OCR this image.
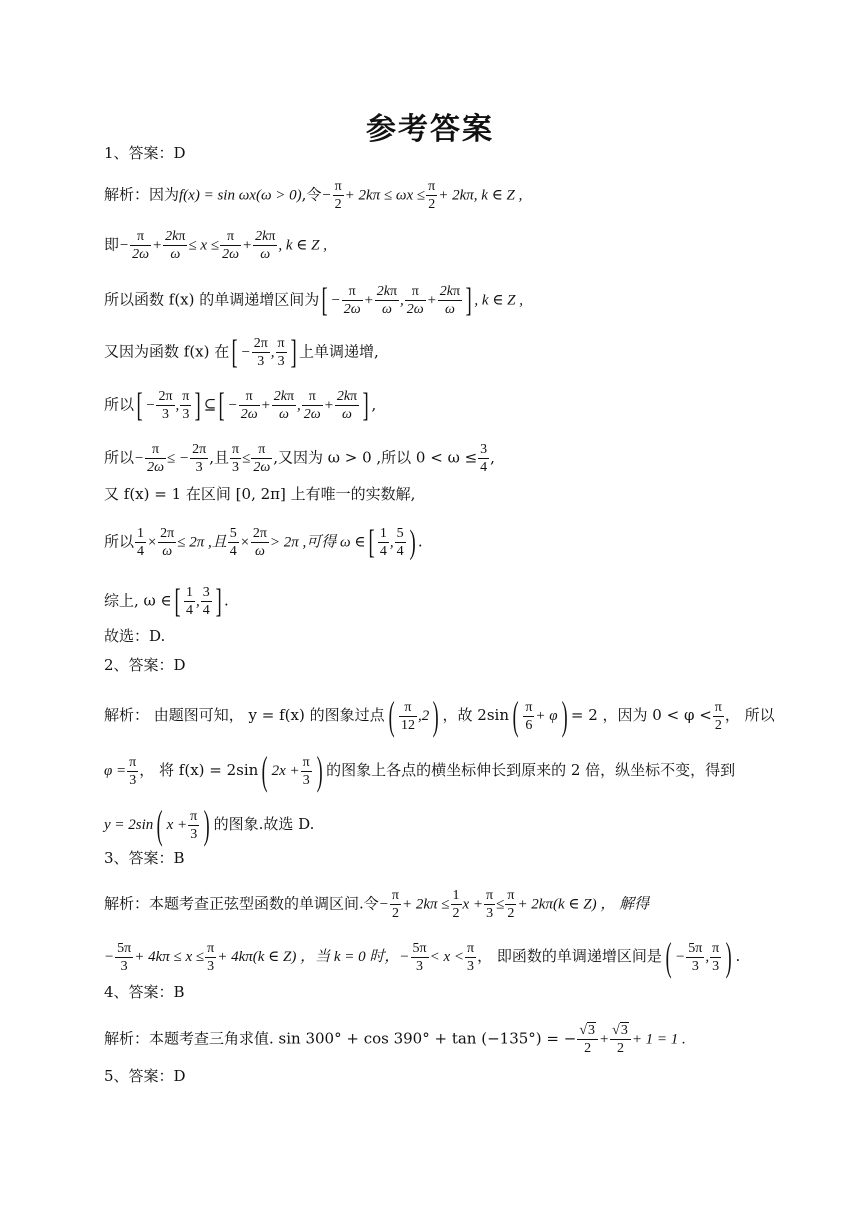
参考答案
1、答案：D
解析：因为f(x) = sin ωx(ω > 0),令− $\frac{\pi}{2} + 2k\pi \le \omega x \le \frac{\pi}{2} + 2k\pi$, k ∈ Z ,
即− $\frac{\pi}{2\omega} + \frac{2k\pi}{\omega} \le x \le \frac{\pi}{2\omega} + \frac{2k\pi}{\omega}$ , k ∈ Z ,
所以函数 f(x) 的单调递增区间为[ − $\frac{\pi}{2\omega} + \frac{2k\pi}{\omega}$ , $\frac{\pi}{2\omega} + \frac{2k\pi}{\omega}$ ] , k ∈ Z ,
又因为函数 f(x) 在[ − $\frac{2\pi}{3}$ , $\frac{\pi}{3}$ ] 上单调递增,
所以[ − $\frac{2\pi}{3}$ , $\frac{\pi}{3}$ ] ⊆[ − $\frac{\pi}{2\omega} + \frac{2k\pi}{\omega}$ , $\frac{\pi}{2\omega} + \frac{2k\pi}{\omega}$ ] ,
所以− $\frac{\pi}{2\omega}$ ≤ − $\frac{2\pi}{3}$ ,且 $\frac{\pi}{3} \le \frac{\pi}{2\omega}$ ,又因为 ω > 0 ,所以 $0 < \omega \le \frac{3}{4}$ ,
又 f(x) = 1 在区间 [0, 2π] 上有唯一的实数解,
所以 $\frac{1}{4} \times \frac{2\pi}{\omega} \le 2\pi$ ,且 $\frac{5}{4} \times \frac{2\pi}{\omega} > 2\pi$ ,可得 ω ∈[ $\frac{1}{4}$ , $\frac{5}{4}$ ) .
综上, ω ∈[ $\frac{1}{4}$ , $\frac{3}{4}$ ] .
故选：D.
2、答案：D
解析： 由题图可知， y = f(x) 的图象过点( $\frac{\pi}{12} ,2$) ，故 $2\sin( \frac{\pi}{6} + \varphi) = 2$ ，因为 $0 < \varphi < \frac{\pi}{2}$ ， 所以
$\varphi = \frac{\pi}{3}$ ， 将 f(x) = 2sin( $2x + \frac{\pi}{3}$ ) 的图象上各点的横坐标伸长到原来的 2 倍，纵坐标不变，得到
y = 2sin( $x + \frac{\pi}{3}$ ) 的图象.故选 D.
3、答案：B
解析：本题考查正弦型函数的单调区间.令− $\frac{\pi}{2} + 2k\pi \le \frac{1}{2}$ $x + \frac{\pi}{3} \le \frac{\pi}{2} + 2k\pi(k$ ∈ Z) ， 解得
− $\frac{5\pi}{3} + 4k\pi \le x \le \frac{\pi}{3} + 4k\pi(k$ ∈ Z) ，当 k = 0 时，− $\frac{5\pi}{3} < x < \frac{\pi}{3}$ ， 即函数的单调递增区间是( − $\frac{5\pi}{3}$ , $\frac{\pi}{3}$ ) .
4、答案：B
解析：本题考查三角求值. sin 300° + cos 390° + tan (−135°) = − $\frac{√3}{2} + \frac{√3}{2} + 1 = 1$ .
5、答案：D
